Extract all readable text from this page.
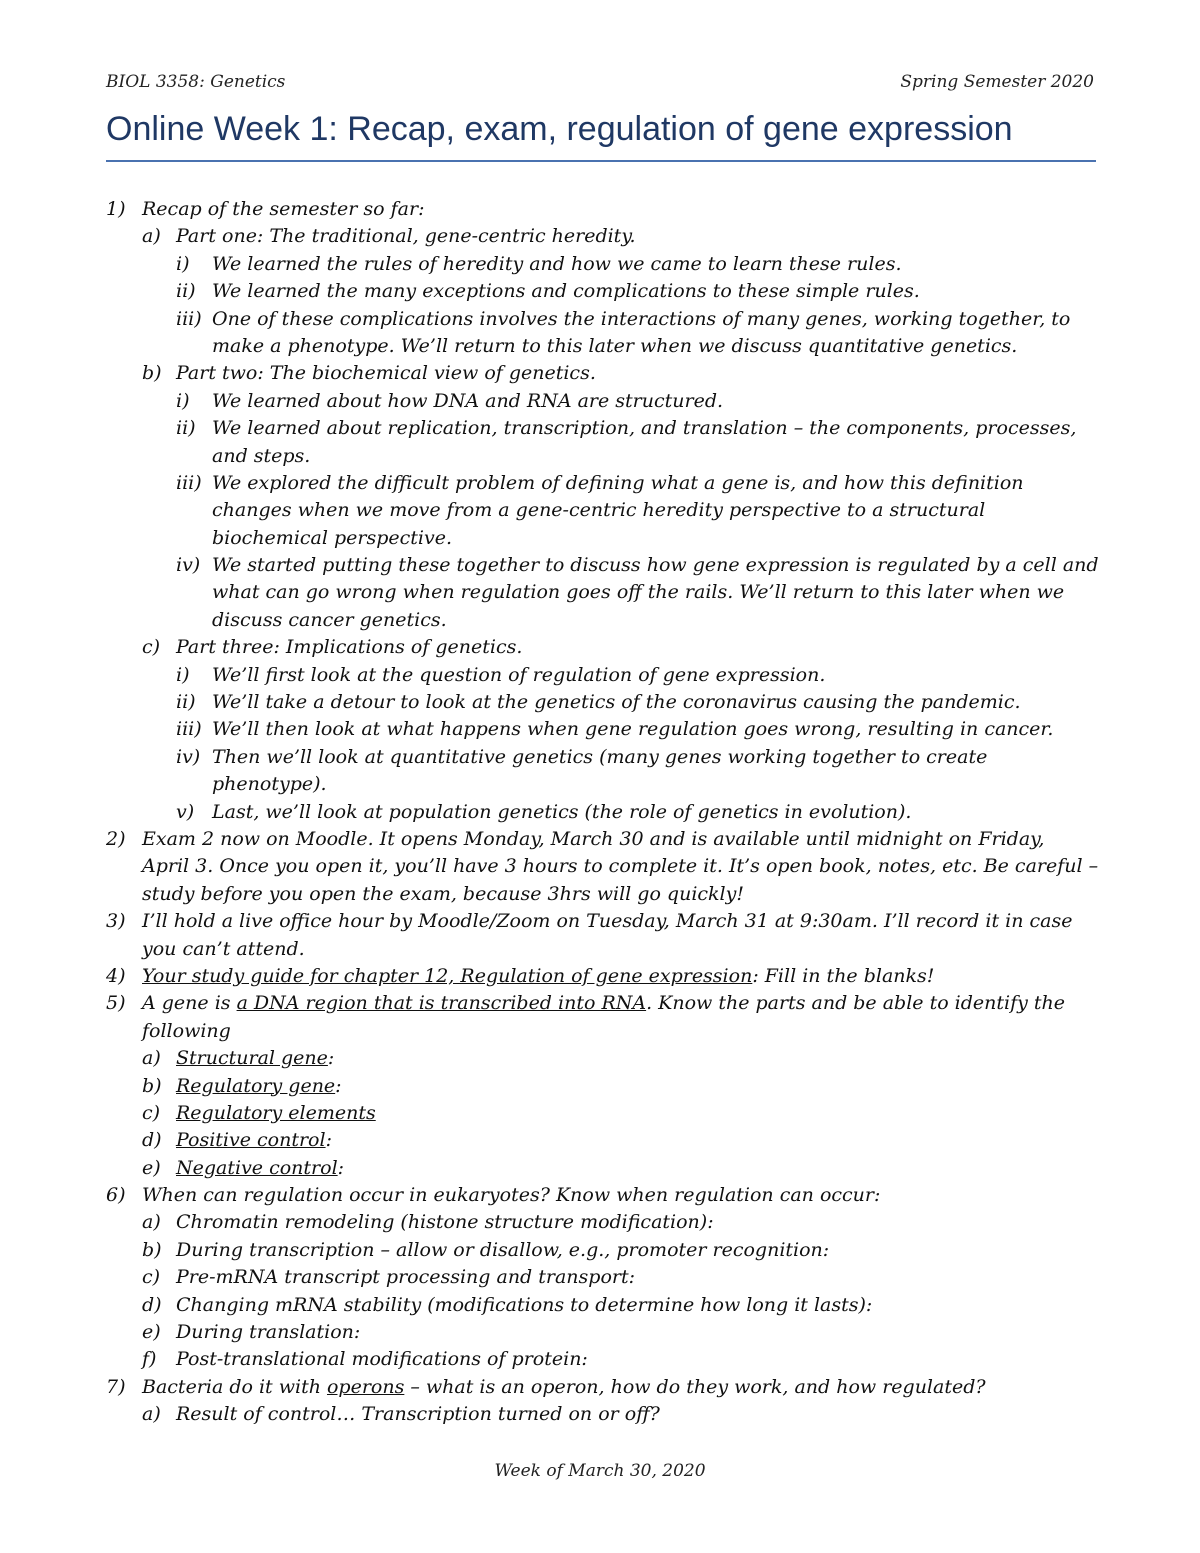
BIOL 3358: Genetics	Spring Semester 2020
Online Week 1: Recap, exam, regulation of gene expression
1) Recap of the semester so far:
a) Part one: The traditional, gene-centric heredity.
i) We learned the rules of heredity and how we came to learn these rules.
ii) We learned the many exceptions and complications to these simple rules.
iii) One of these complications involves the interactions of many genes, working together, to
make a phenotype. We’ll return to this later when we discuss quantitative genetics.
b) Part two: The biochemical view of genetics.
i) We learned about how DNA and RNA are structured.
ii) We learned about replication, transcription, and translation – the components, processes,
and steps.
iii) We explored the difficult problem of defining what a gene is, and how this definition
changes when we move from a gene-centric heredity perspective to a structural
biochemical perspective.
iv) We started putting these together to discuss how gene expression is regulated by a cell and
what can go wrong when regulation goes off the rails. We’ll return to this later when we
discuss cancer genetics.
c) Part three: Implications of genetics.
i) We’ll first look at the question of regulation of gene expression.
ii) We’ll take a detour to look at the genetics of the coronavirus causing the pandemic.
iii) We’ll then look at what happens when gene regulation goes wrong, resulting in cancer.
iv) Then we’ll look at quantitative genetics (many genes working together to create
phenotype).
v) Last, we’ll look at population genetics (the role of genetics in evolution).
2) Exam 2 now on Moodle. It opens Monday, March 30 and is available until midnight on Friday,
April 3. Once you open it, you’ll have 3 hours to complete it. It’s open book, notes, etc. Be careful –
study before you open the exam, because 3hrs will go quickly!
3) I’ll hold a live office hour by Moodle/Zoom on Tuesday, March 31 at 9:30am. I’ll record it in case
you can’t attend.
4) Your study guide for chapter 12, Regulation of gene expression: Fill in the blanks!
5) A gene is a DNA region that is transcribed into RNA. Know the parts and be able to identify the
following
a) Structural gene:
b) Regulatory gene:
c) Regulatory elements
d) Positive control:
e) Negative control:
6) When can regulation occur in eukaryotes? Know when regulation can occur:
a) Chromatin remodeling (histone structure modification):
b) During transcription – allow or disallow, e.g., promoter recognition:
c) Pre-mRNA transcript processing and transport:
d) Changing mRNA stability (modifications to determine how long it lasts):
e) During translation:
f) Post-translational modifications of protein:
7) Bacteria do it with operons – what is an operon, how do they work, and how regulated?
a) Result of control… Transcription turned on or off?
Week of March 30, 2020
